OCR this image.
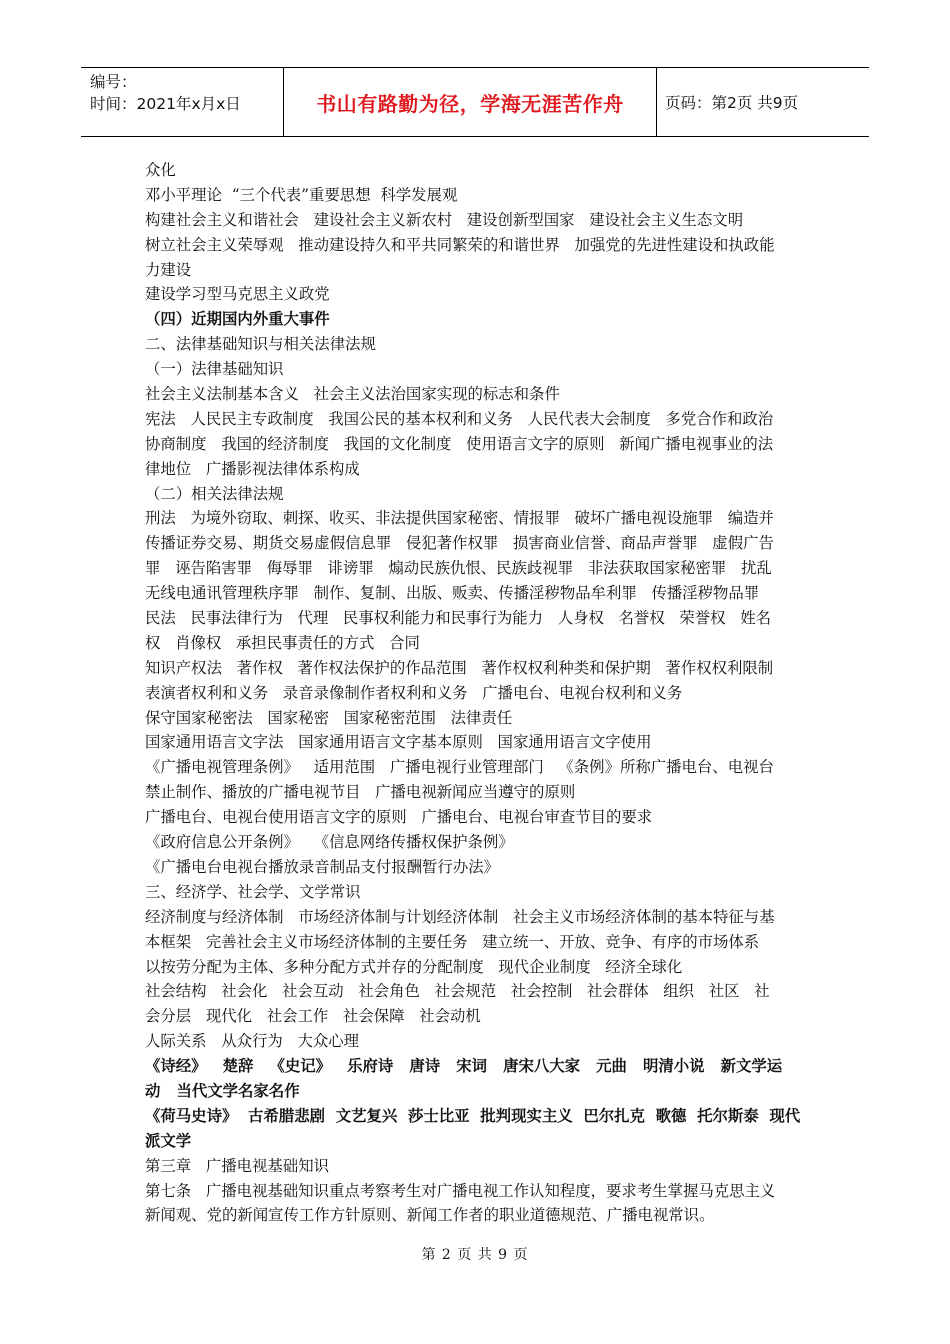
编号：
时间：2021年x月x日	书山有路勤为径，学海无涯苦作舟	页码：第2页 共9页
众化
邓小平理论  “三个代表”重要思想  科学发展观
构建社会主义和谐社会   建设社会主义新农村   建设创新型国家   建设社会主义生态文明
树立社会主义荣辱观   推动建设持久和平共同繁荣的和谐世界   加强党的先进性建设和执政能
力建设
建设学习型马克思主义政党
（四）近期国内外重大事件
二、法律基础知识与相关法律法规
（一）法律基础知识
社会主义法制基本含义   社会主义法治国家实现的标志和条件
宪法   人民民主专政制度   我国公民的基本权利和义务   人民代表大会制度   多党合作和政治
协商制度   我国的经济制度   我国的文化制度   使用语言文字的原则   新闻广播电视事业的法
律地位   广播影视法律体系构成
（二）相关法律法规
刑法   为境外窃取、刺探、收买、非法提供国家秘密、情报罪   破坏广播电视设施罪   编造并
传播证券交易、期货交易虚假信息罪   侵犯著作权罪   损害商业信誉、商品声誉罪   虚假广告
罪   诬告陷害罪   侮辱罪   诽谤罪   煽动民族仇恨、民族歧视罪   非法获取国家秘密罪   扰乱
无线电通讯管理秩序罪   制作、复制、出版、贩卖、传播淫秽物品牟利罪   传播淫秽物品罪
民法   民事法律行为   代理   民事权利能力和民事行为能力   人身权   名誉权   荣誉权   姓名
权   肖像权   承担民事责任的方式   合同
知识产权法   著作权   著作权法保护的作品范围   著作权权利种类和保护期   著作权权利限制
表演者权利和义务   录音录像制作者权利和义务   广播电台、电视台权利和义务
保守国家秘密法   国家秘密   国家秘密范围   法律责任
国家通用语言文字法   国家通用语言文字基本原则   国家通用语言文字使用
《广播电视管理条例》   适用范围   广播电视行业管理部门   《条例》所称广播电台、电视台
禁止制作、播放的广播电视节目   广播电视新闻应当遵守的原则
广播电台、电视台使用语言文字的原则   广播电台、电视台审查节目的要求
《政府信息公开条例》   《信息网络传播权保护条例》
《广播电台电视台播放录音制品支付报酬暂行办法》
三、经济学、社会学、文学常识
经济制度与经济体制   市场经济体制与计划经济体制   社会主义市场经济体制的基本特征与基
本框架   完善社会主义市场经济体制的主要任务   建立统一、开放、竞争、有序的市场体系
以按劳分配为主体、多种分配方式并存的分配制度   现代企业制度   经济全球化
社会结构   社会化   社会互动   社会角色   社会规范   社会控制   社会群体   组织   社区   社
会分层   现代化   社会工作   社会保障   社会动机
人际关系   从众行为   大众心理
《诗经》   楚辞   《史记》   乐府诗   唐诗   宋词   唐宋八大家   元曲   明清小说   新文学运
动   当代文学名家名作
《荷马史诗》  古希腊悲剧  文艺复兴  莎士比亚  批判现实主义  巴尔扎克  歌德  托尔斯泰  现代
派文学
第三章   广播电视基础知识
第七条   广播电视基础知识重点考察考生对广播电视工作认知程度，要求考生掌握马克思主义
新闻观、党的新闻宣传工作方针原则、新闻工作者的职业道德规范、广播电视常识。
第 2 页 共 9 页
